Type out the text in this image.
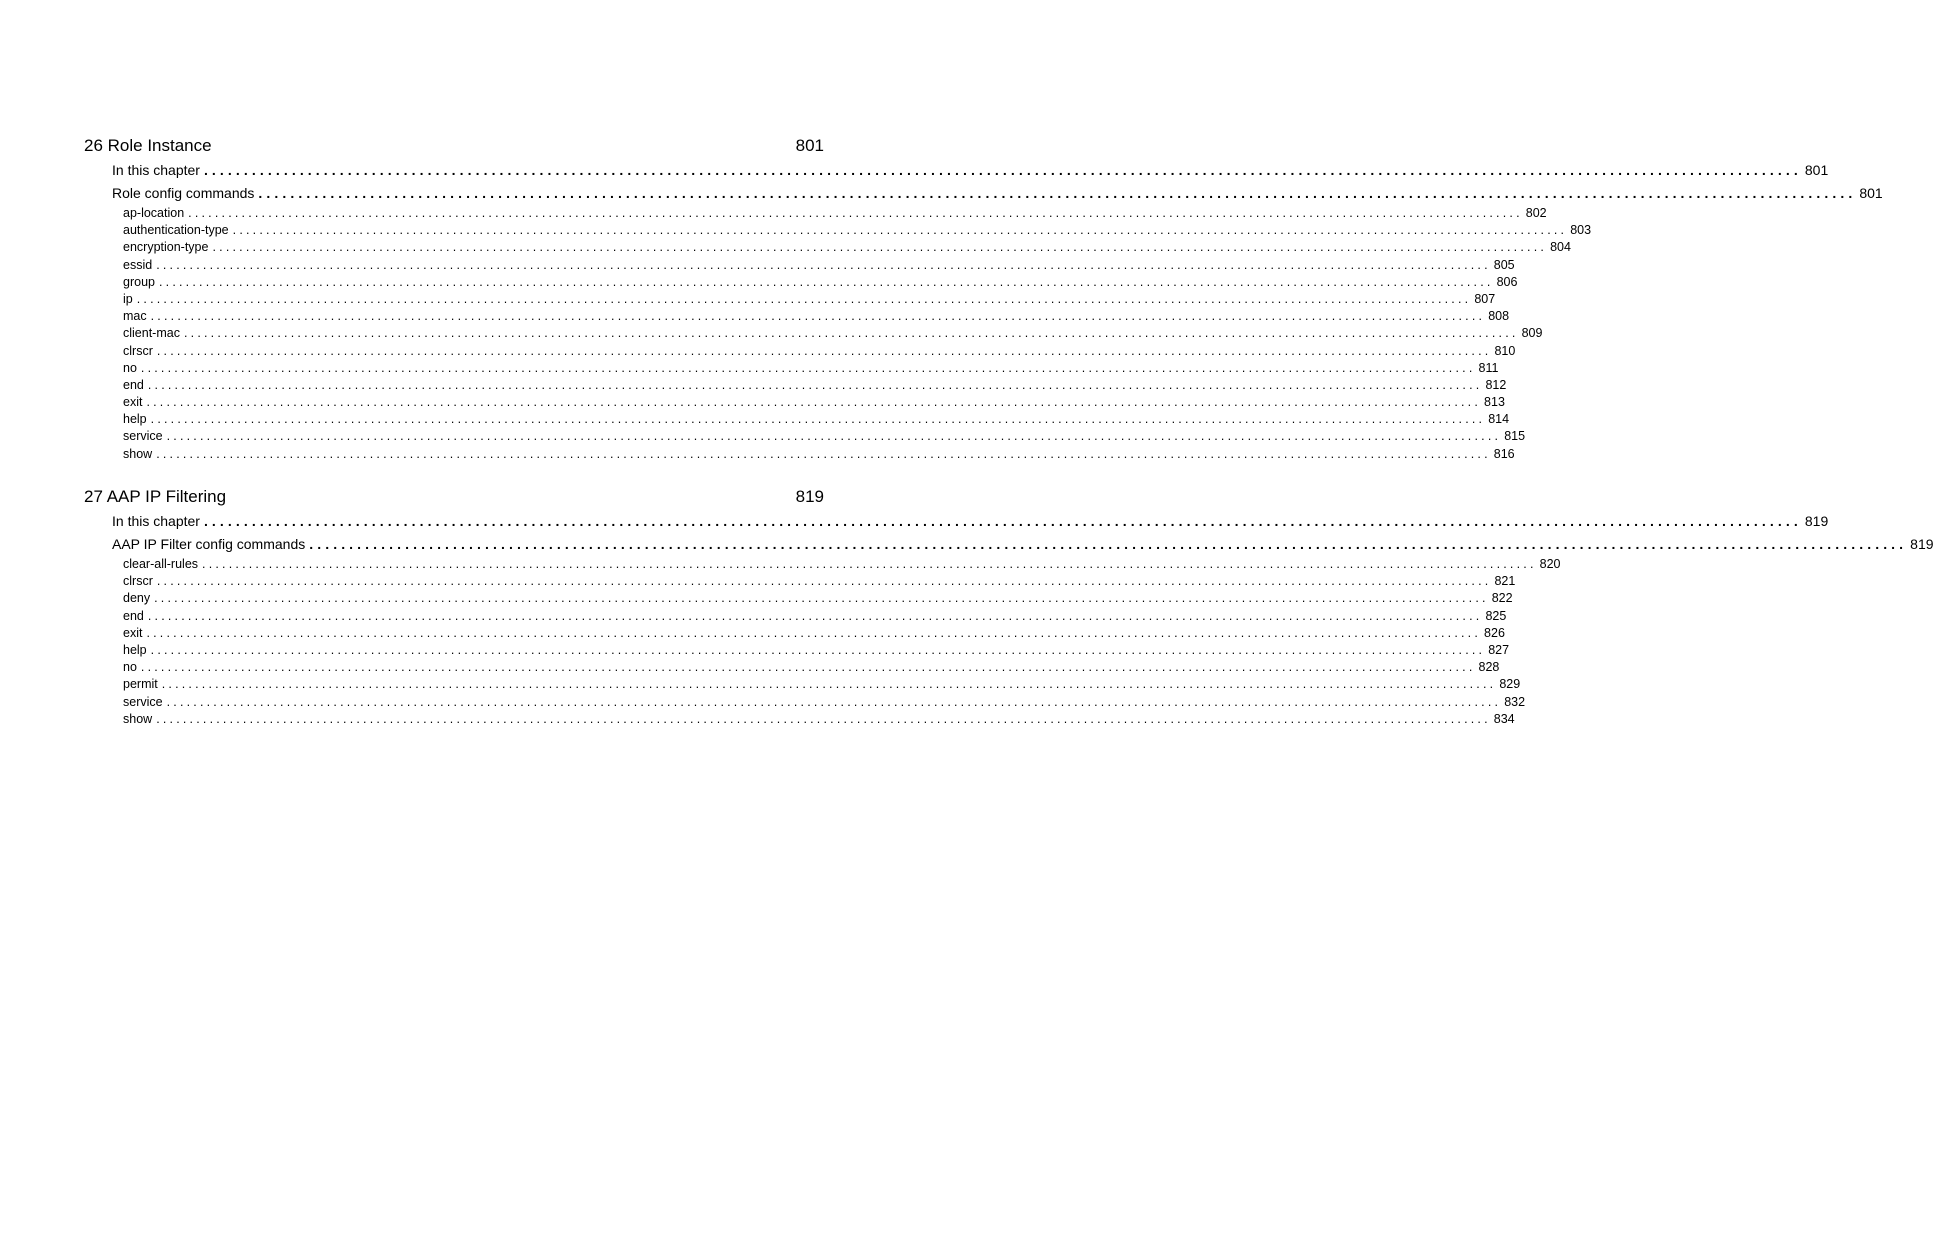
26 Role Instance	801
In this chapter ........................................................................................................................................................................................................ 801
Role config commands ........................................................................................................................................................................................................ 801
ap-location ........................................................................................................................................................................................................ 802
authentication-type ........................................................................................................................................................................................................ 803
encryption-type ........................................................................................................................................................................................................ 804
essid ........................................................................................................................................................................................................ 805
group ........................................................................................................................................................................................................ 806
ip ........................................................................................................................................................................................................ 807
mac ........................................................................................................................................................................................................ 808
client-mac ........................................................................................................................................................................................................ 809
clrscr ........................................................................................................................................................................................................ 810
no ........................................................................................................................................................................................................ 811
end ........................................................................................................................................................................................................ 812
exit ........................................................................................................................................................................................................ 813
help ........................................................................................................................................................................................................ 814
service ........................................................................................................................................................................................................ 815
show ........................................................................................................................................................................................................ 816
27 AAP IP Filtering	819
In this chapter ........................................................................................................................................................................................................ 819
AAP IP Filter config commands ........................................................................................................................................................................................................ 819
clear-all-rules ........................................................................................................................................................................................................ 820
clrscr ........................................................................................................................................................................................................ 821
deny ........................................................................................................................................................................................................ 822
end ........................................................................................................................................................................................................ 825
exit ........................................................................................................................................................................................................ 826
help ........................................................................................................................................................................................................ 827
no ........................................................................................................................................................................................................ 828
permit ........................................................................................................................................................................................................ 829
service ........................................................................................................................................................................................................ 832
show ........................................................................................................................................................................................................ 834
